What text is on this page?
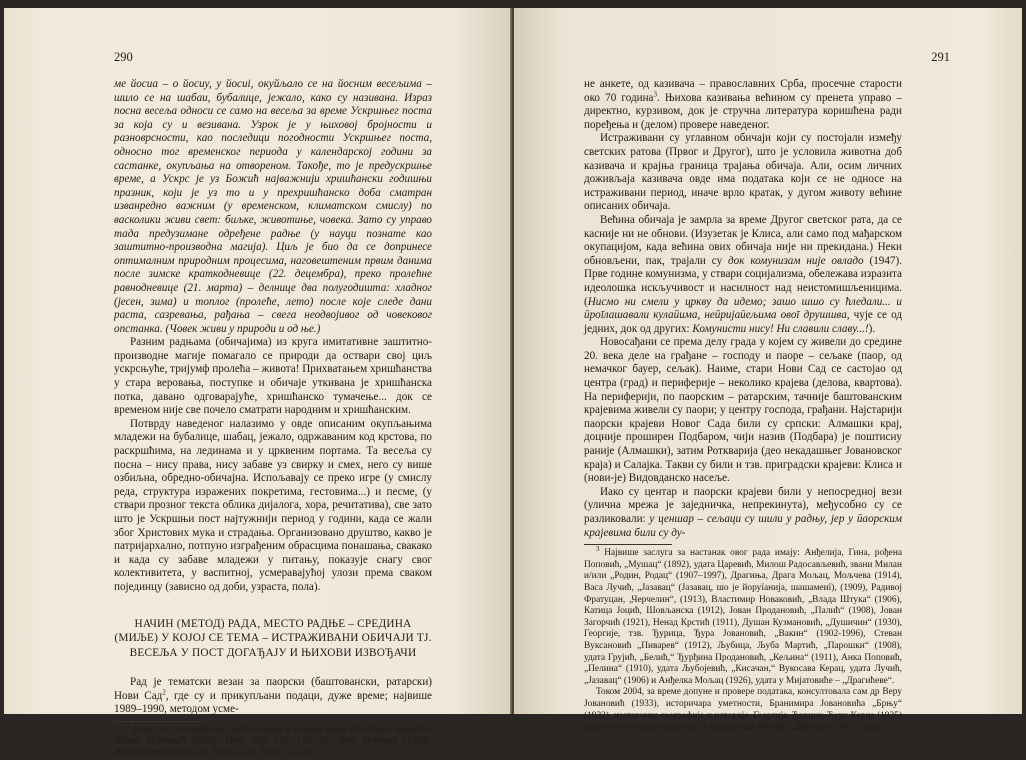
290

ме йосиа – о йосиу, у йосиі, окуйљало се на йосним весељима – шило се на шабаи, бубалице, јежало, како су називана. Израз посна весеља односи се само на весеља за време Ускршњег поста за која су и везивана. Узрок је у њиховој бројности и разноврсности, као последици погодности Ускршњег поста, односно тог временског периода у календарској години за састанке, окупљања на отвореном. Такође, то је предускршње време, а Ускрс је уз Божић најважнији хришћански годишњи празник, који је уз то и у прехришћанско доба сматран изванредно важним (у временском, климатском смислу) по васколики живи свет: биљке, животиње, човека. Зато су управо тада предузимане одређене радње (у науци познате као заштитно-производна магија). Циљ је био да се допринесе оптималним природним процесима, наговештеним првим данима после зимске краткодневице (22. децембра), преко пролећне равнодневице (21. марта) – делнице два полугодишта: хладног (јесен, зима) и топлог (пролеће, лето) после које следе дани раста, сазревања, рађања – свега неодвојивог од човековог опстанка. (Човек живи у природи и од ње.)

Разним радњама (обичајима) из круга имитативне заштитно-производне магије помагало се природи да оствари свој циљ ускрсњуће, тријумф пролећа – живота! Прихватањем хришћанства у стара веровања, поступке и обичаје уткивана је хришћанска потка, давано одговарајуће, хришћанско тумачење... док се временом није све почело сматрати народним и хришћанским.

Потврду наведеног налазимо у овде описаним окупљањима младежи на бубалице, шабац, јежало, одржаваним код крстова, по раскршћима, на лединама и у црквеним портама. Та весеља су посна – нису права, нису забаве уз свирку и смех, него су више озбиљна, обредно-обичајна. Испољавају се преко игре (у смислу реда, структура изражених покретима, гестовима...) и песме, (у ствари прозног текста облика дијалога, хора, речитатива), све зато што је Ускршњи пост најтужнији период у години, када се жали због Христових мука и страдања. Организовано друштво, какво је патријархално, потпуно изграђеним обрасцима понашања, свакако и када су забаве младежи у питању, показује снагу свог колективитета, у васпитној, усмеравајућој улози према сваком појединцу (зависно од доби, узраста, пола).

НАЧИН (МЕТОД) РАДА, МЕСТО РАДЊЕ – СРЕДИНА (МИЉЕ) У КОЈОЈ СЕ ТЕМА – ИСТРАЖИВАНИ ОБИЧАЈИ ТЈ. ВЕСЕЉА У ПОСТ ДОГАЂАЈУ И ЊИХОВИ ИЗВОЂАЧИ

Рад је тематски везан за паорски (баштовански, ратарски) Нови Сад$^2$, где су и прикупљани подаци, дуже време; највише 1989–1990, методом усме-

$^2$ Нови Сад, йо изворима, забелешкама и сећању Триве Милићара, приредио Живко Марковић (2000), Нови Сад 137, 179-182; Даќа Поповић (1933): Новосадске бостанџије, ГИД, књ. 6, Нови Сад 251.

291

не анкете, од казивача – православних Срба, просечне старости око 70 година$^3$. Њихова казивања већином су пренета управо – директно, курзивом, док је стручна литература коришћена ради поређења и (делом) провере наведеног.

Истраживани су углавном обичаји који су постојали између светских ратова (Првог и Другог), што је условила животна доб казивача и крајња граница трајања обичаја. Али, осим личних доживљаја казивача овде има података који се не односе на истраживани период, иначе врло кратак, у дугом животу већине описаних обичаја.

Већина обичаја је замрла за време Другог светског рата, да се касније ни не обнови. (Изузетак је Клиса, али само под мађарском окупацијом, када већина ових обичаја није ни прекидана.) Неки обновљени, пак, трајали су док комунизам није овладо (1947). Прве године комунизма, у ствари социјализма, обележава изразита идеолошка искључивост и насилност над неистомишљеницима. (Нисмо ни смели у цркву да идемо; зашо шшо су ћледали... и ӣроīлашавали кулаӣима, неӣријаӣељима овоī друшшва, чује се од једних, док од других: Комунисти нису! Ни славили славу...!).

Новосађани се према делу града у којем су живели до средине 20. века деле на грађане – господу и паоре – сељаке (паор, од немачког бауер, сељак). Наиме, стари Нови Сад се састојао од центра (град) и периферије – неколико крајева (делова, квартова). На периферији, по паорским – ратарским, тачније баштованским крајевима живели су паори; у центру господа, грађани. Најстарији паорски крајеви Новог Сада били су српски: Алмашки крај, доцније проширен Подбаром, чији назив (Подбара) је поштисну раније (Алмашки), затим Роткварија (део некадашњег Јовановског краја) и Салајка. Такви су били и тзв. приградски крајеви: Клиса и (нови-је) Видовданско насеље.

Иако су центар и паорски крајеви били у непосредној вези (улична мрежа је заједничка, непрекинута), међусобно су се разликовали: у ценшар – сељаци су шили у радњу, јер у ӣаорским крајевима били су ду-

$^3$ Највише заслуга за настанак овог рада имају: Анђелија, Гина, рођена Поповић, „Мушац“ (1892), удата Царевић, Милош Радосављевић, звани Милан и/или „Родин, Родац“ (1907–1997), Драгиња, Драга Мољац, Мољчева (1914), Васа Лучић, „Јазавац“ (Јазавац, шо је йоруїанија, шашамеиї), (1909), Радивој Фратуцан, „Черчелин“, (1913), Властимир Новаковић, „Влада Штука“ (1906), Катица Јоцић, Шовљанска (1912), Јован Продановић, „Палић“ (1908), Јован Загорчић (1921), Ненад Крстић (1911), Душан Кузмановић, „Душичин“ (1930), Георгије, тзв. Ђурица, Ђура Јовановић, „Вакин“ (1902-1996), Стеван Вуксановић „Пиварев“ (1912), Љубица, Љуба Мартић, „Парошки“ (1908), удата Грујић, „Белић,“ Ђурђина Продановић, „Кељина“ (1911), Анка Поповић, „Пелина“ (1910), удата Љубојевић, „Кисачан,“ Вукосава Керац, удата Лучић, „Јазавац“ (1906) и Анђелка Мољац (1926), удата у Мијатовиће – „Драгићеве“.

Током 2004, за време допуне и провере података, консултовала сам др Веру Јовановић (1933), историчара уметности, Бранимира Јовановића „Брњу“ (1932), наставника географије и историје, Георгија, Ђурицу, Ђуру Керца (1925) ковача и електромеханичара, и Бранислава Милића „Шумара“ (1937), дна.
